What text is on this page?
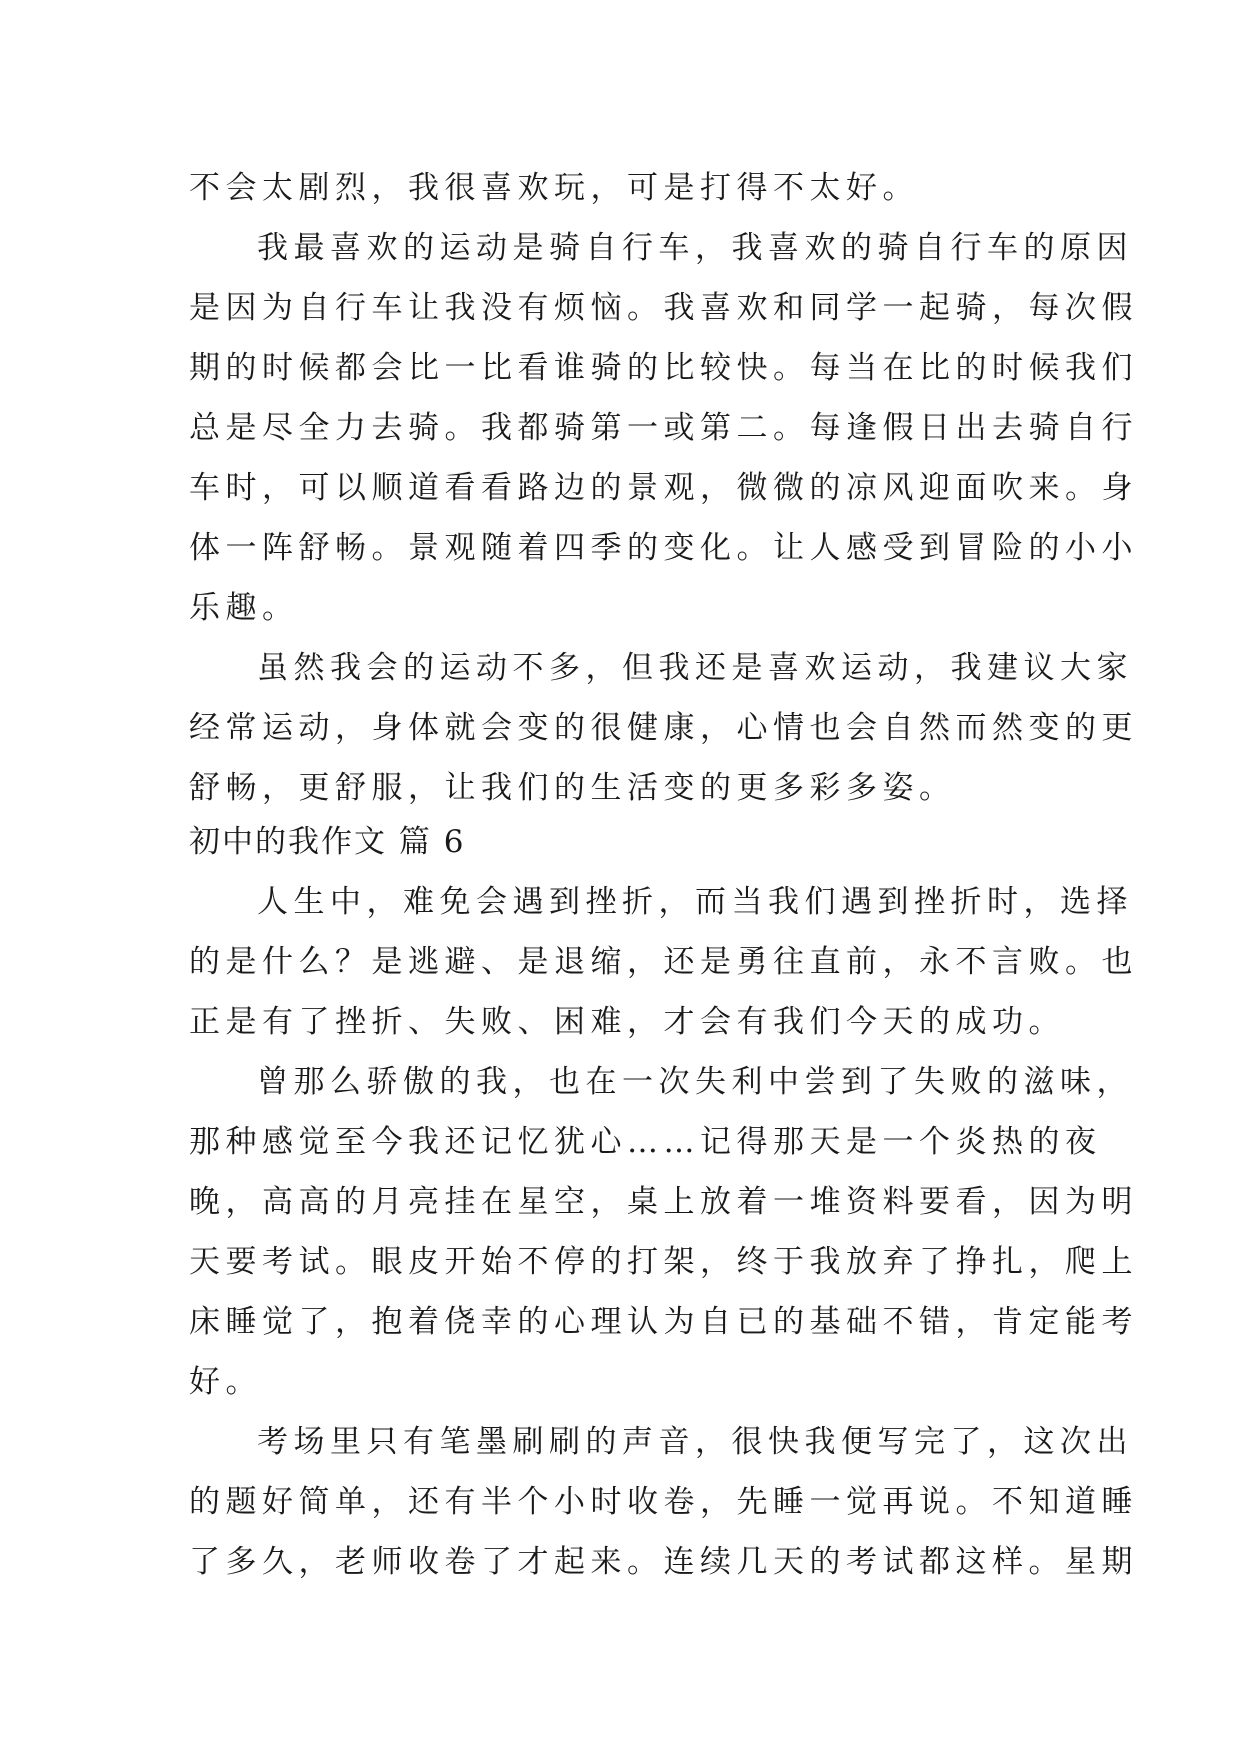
不会太剧烈，我很喜欢玩，可是打得不太好。
我最喜欢的运动是骑自行车，我喜欢的骑自行车的原因
是因为自行车让我没有烦恼。我喜欢和同学一起骑，每次假
期的时候都会比一比看谁骑的比较快。每当在比的时候我们
总是尽全力去骑。我都骑第一或第二。每逢假日出去骑自行
车时，可以顺道看看路边的景观，微微的凉风迎面吹来。身
体一阵舒畅。景观随着四季的变化。让人感受到冒险的小小
乐趣。
虽然我会的运动不多，但我还是喜欢运动，我建议大家
经常运动，身体就会变的很健康，心情也会自然而然变的更
舒畅，更舒服，让我们的生活变的更多彩多姿。
初中的我作文 篇 6
人生中，难免会遇到挫折，而当我们遇到挫折时，选择
的是什么？是逃避、是退缩，还是勇往直前，永不言败。也
正是有了挫折、失败、困难，才会有我们今天的成功。
曾那么骄傲的我，也在一次失利中尝到了失败的滋味，
那种感觉至今我还记忆犹心……记得那天是一个炎热的夜
晚，高高的月亮挂在星空，桌上放着一堆资料要看，因为明
天要考试。眼皮开始不停的打架，终于我放弃了挣扎，爬上
床睡觉了，抱着侥幸的心理认为自已的基础不错，肯定能考
好。
考场里只有笔墨刷刷的声音，很快我便写完了，这次出
的题好简单，还有半个小时收卷，先睡一觉再说。不知道睡
了多久，老师收卷了才起来。连续几天的考试都这样。星期
